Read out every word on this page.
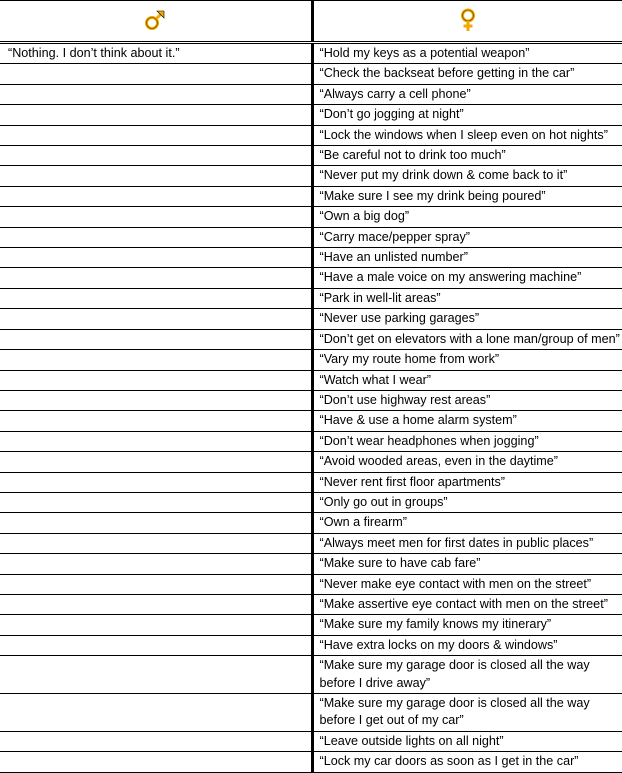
“Nothing. I don’t think about it.”	“Hold my keys as a potential weapon”
	“Check the backseat before getting in the car”
	“Always carry a cell phone”
	“Don’t go jogging at night”
	“Lock the windows when I sleep even on hot nights”
	“Be careful not to drink too much”
	“Never put my drink down & come back to it”
	“Make sure I see my drink being poured”
	“Own a big dog”
	“Carry mace/pepper spray”
	“Have an unlisted number”
	“Have a male voice on my answering machine”
	“Park in well-lit areas”
	“Never use parking garages”
	“Don’t get on elevators with a lone man/group of men”
	“Vary my route home from work”
	“Watch what I wear”
	“Don’t use highway rest areas”
	“Have & use a home alarm system”
	“Don’t wear headphones when jogging”
	“Avoid wooded areas, even in the daytime”
	“Never rent first floor apartments”
	“Only go out in groups”
	“Own a firearm”
	“Always meet men for first dates in public places”
	“Make sure to have cab fare”
	“Never make eye contact with men on the street”
	“Make assertive eye contact with men on the street”
	“Make sure my family knows my itinerary”
	“Have extra locks on my doors & windows”
	“Make sure my garage door is closed all the way before I drive away”
	“Make sure my garage door is closed all the way before I get out of my car”
	“Leave outside lights on all night”
	“Lock my car doors as soon as I get in the car”
